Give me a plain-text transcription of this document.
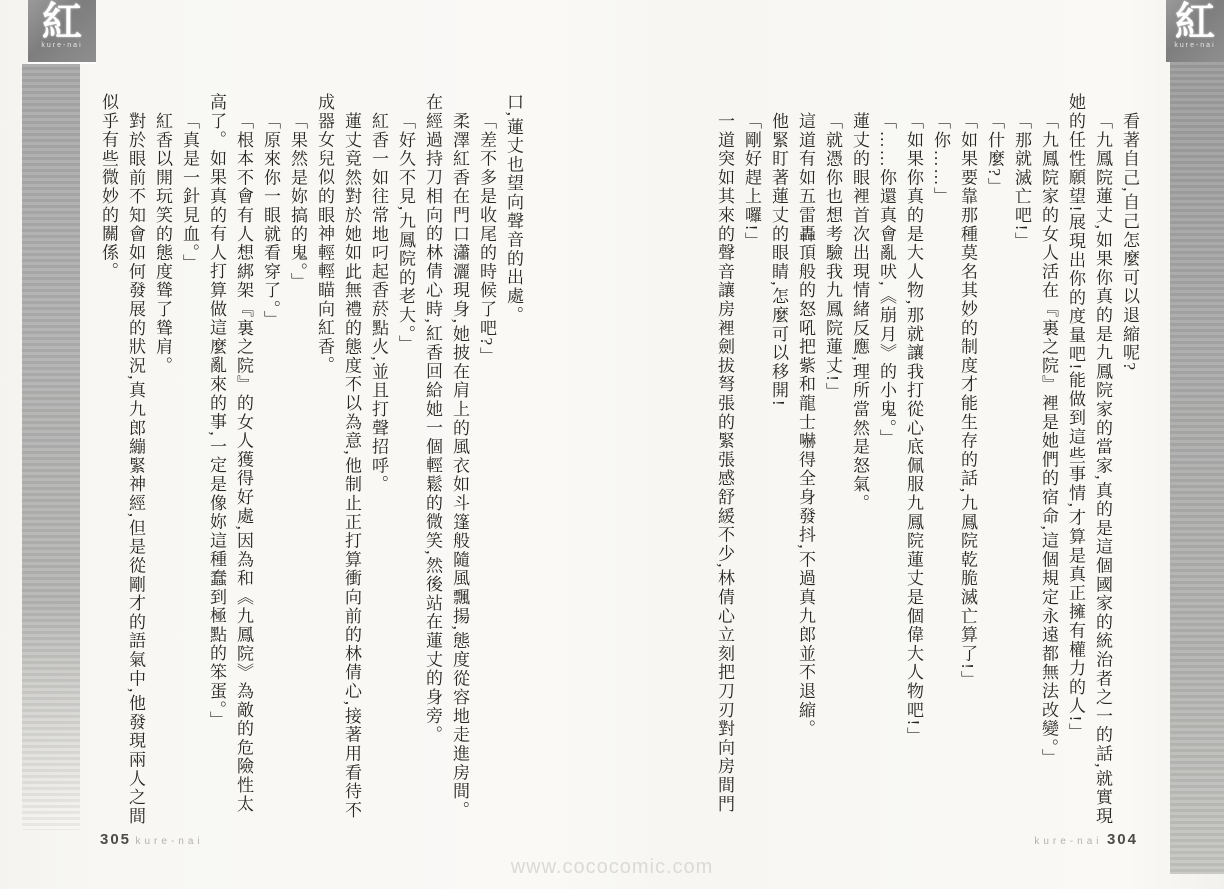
紅
kure-nai
紅
kure-nai

看著自己,自己怎麼可以退縮呢?

「九鳳院蓮丈,如果你真的是九鳳院家的當家,真的是這個國家的統治者之一的話,就實現她的任性願望!展現出你的度量吧!能做到這些事情,才算是真正擁有權力的人!」

「九鳳院家的女人活在『裏之院』裡是她們的宿命,這個規定永遠都無法改變。」

「那就滅亡吧!」

「什麼?」

「如果要靠那種莫名其妙的制度才能生存的話,九鳳院乾脆滅亡算了!」

「你……」

「如果你真的是大人物,那就讓我打從心底佩服九鳳院蓮丈是個偉大人物吧!」

「……你還真會亂吠,《崩月》的小鬼。」

蓮丈的眼裡首次出現情緒反應,理所當然是怒氣。

「就憑你也想考驗我九鳳院蓮丈!」

這道有如五雷轟頂般的怒吼把紫和龍士嚇得全身發抖,不過真九郎並不退縮。

他緊盯著蓮丈的眼睛,怎麼可以移開!

「剛好趕上囉!」

一道突如其來的聲音讓房裡劍拔弩張的緊張感舒緩不少,林倩心立刻把刀刃對向房間門

口,蓮丈也望向聲音的出處。

「差不多是收尾的時候了吧?」

柔澤紅香在門口瀟灑現身,她披在肩上的風衣如斗篷般隨風飄揚,態度從容地走進房間。在經過持刀相向的林倩心時,紅香回給她一個輕鬆的微笑,然後站在蓮丈的身旁。

「好久不見,九鳳院的老大。」

紅香一如往常地叼起香菸點火,並且打聲招呼。

蓮丈竟然對於她如此無禮的態度不以為意,他制止正打算衝向前的林倩心,接著用看待不成器女兒似的眼神輕輕瞄向紅香。

「果然是妳搞的鬼。」

「原來你一眼就看穿了。」

「根本不會有人想綁架『裏之院』的女人獲得好處,因為和《九鳳院》為敵的危險性太高了。如果真的有人打算做這麼亂來的事,一定是像妳這種蠢到極點的笨蛋。」

「真是一針見血。」

紅香以開玩笑的態度聳了聳肩。

對於眼前不知會如何發展的狀況,真九郎繃緊神經,但是從剛才的語氣中,他發現兩人之間似乎有些微妙的關係。

305 kure-nai	kure-nai 304
www.cococomic.com
